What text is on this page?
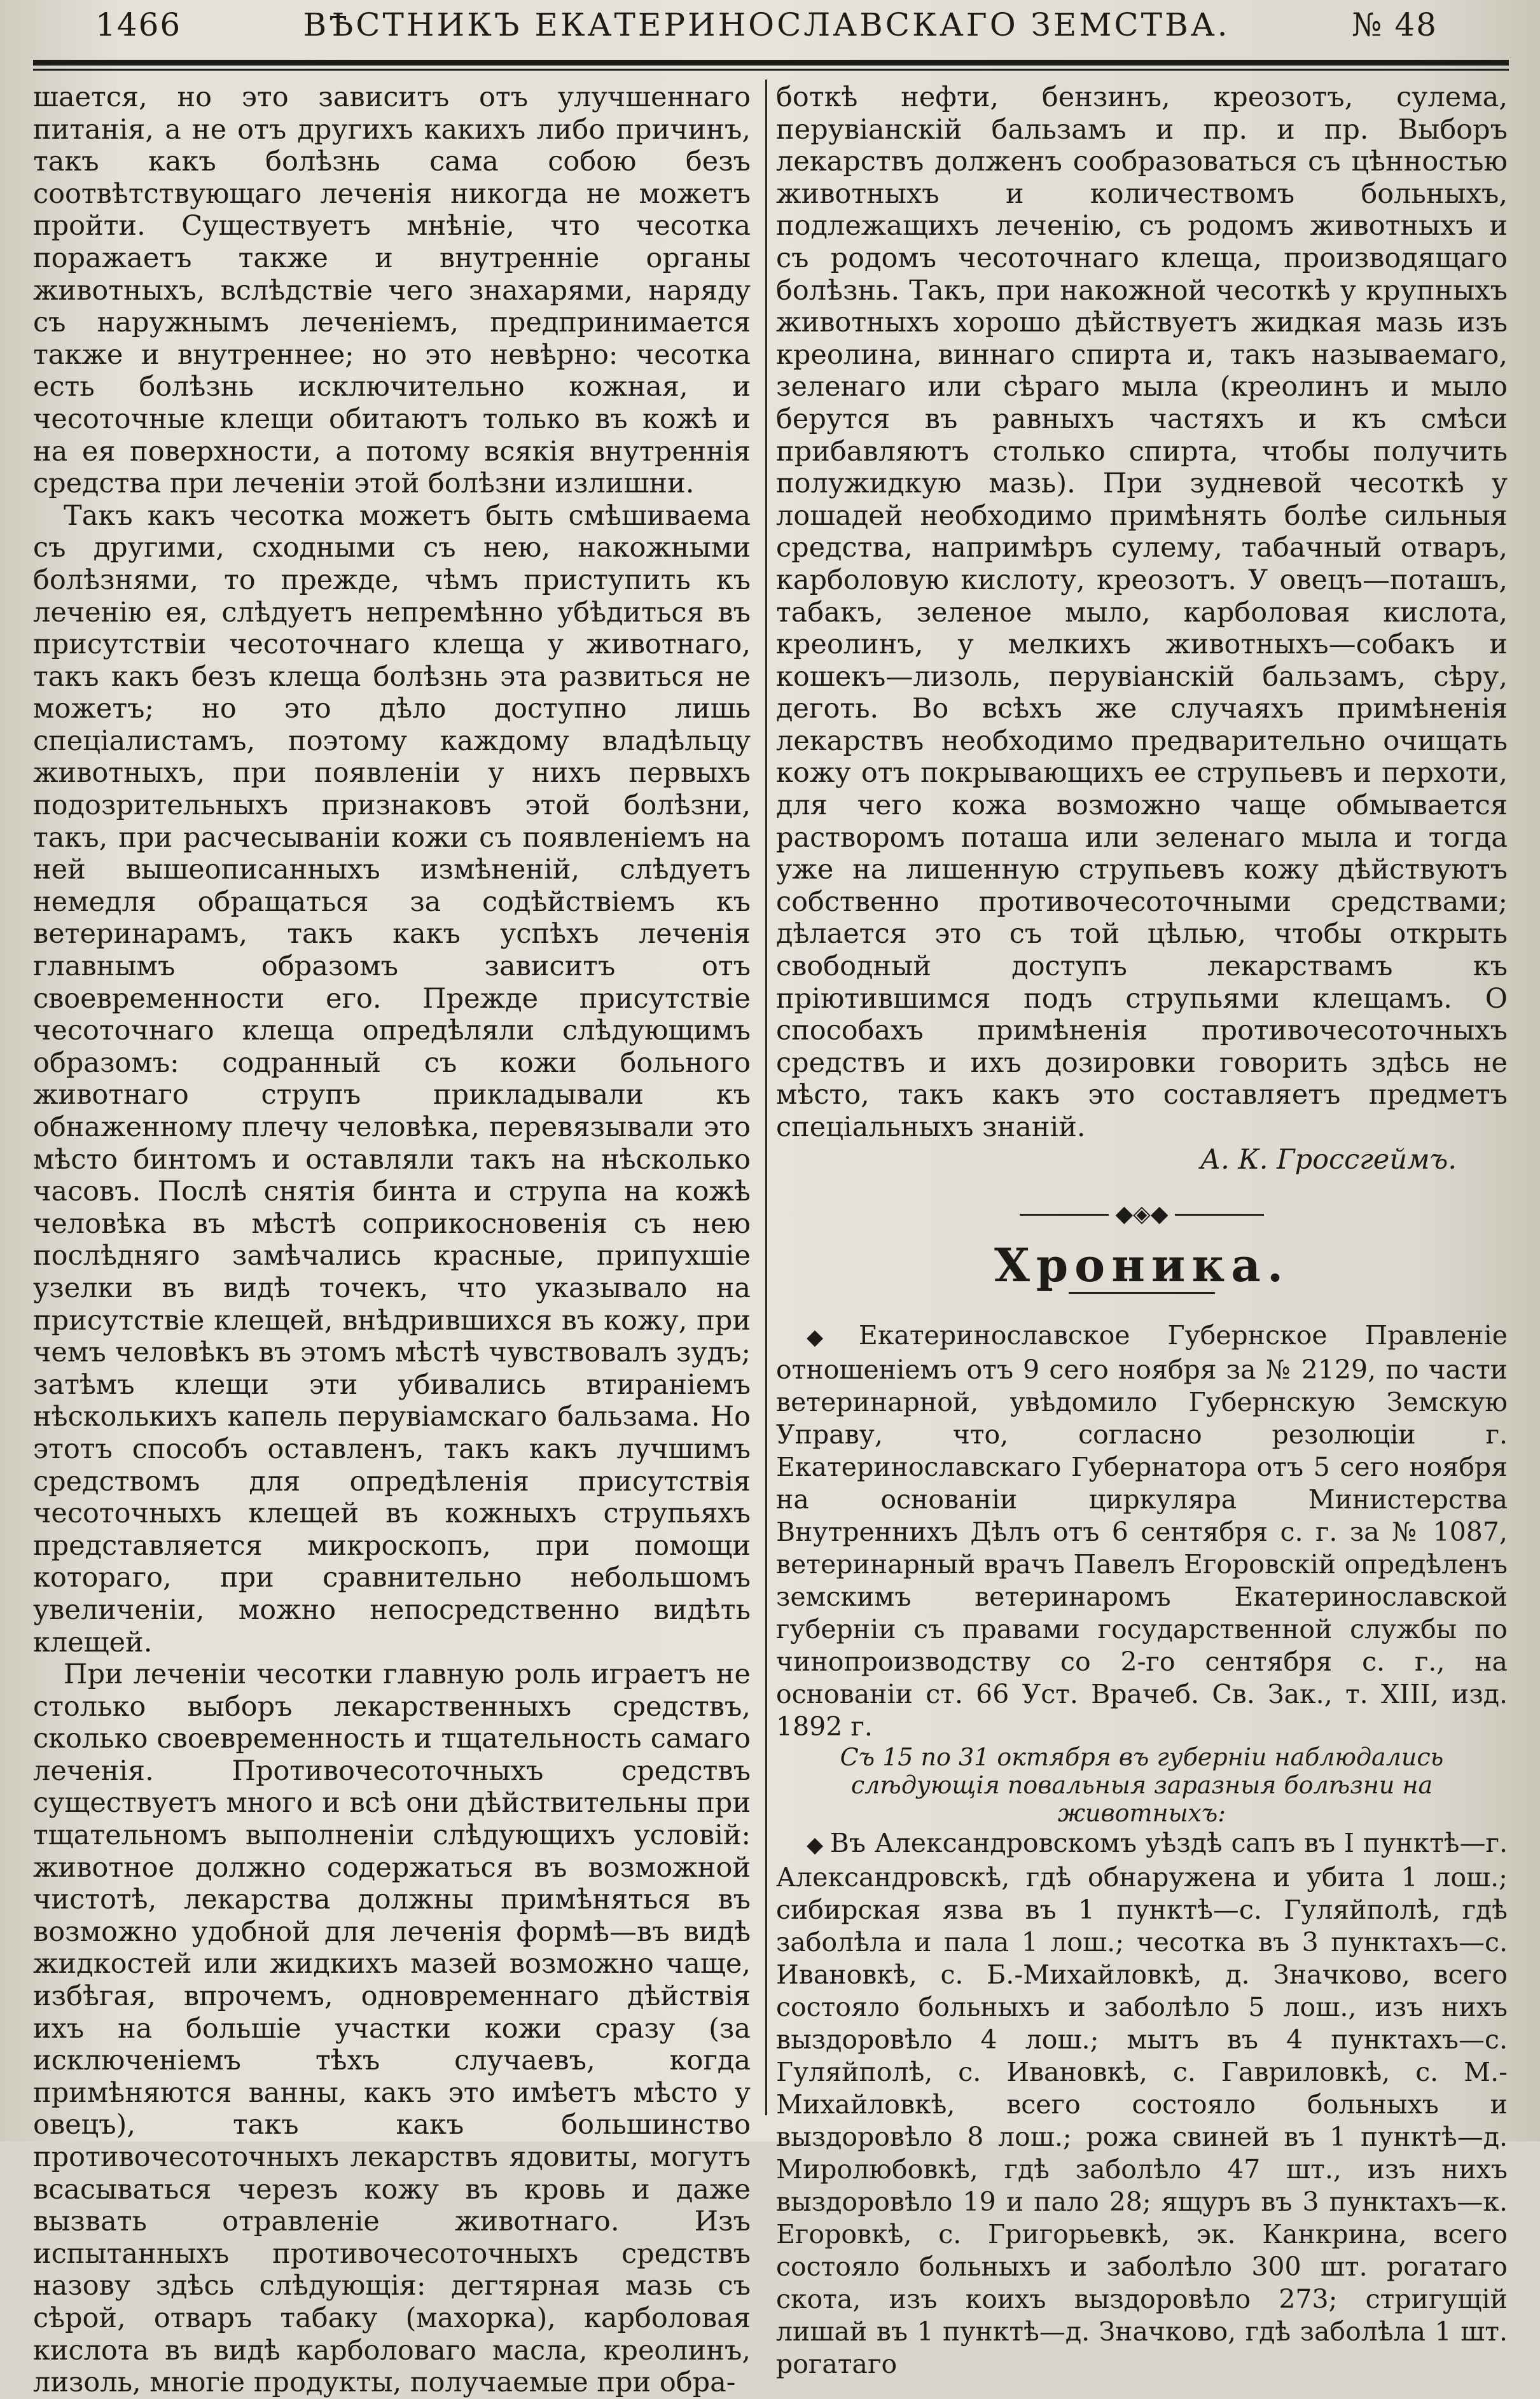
1466	ВѢСТНИКЪ ЕКАТЕРИНОСЛАВСКАГО ЗЕМСТВА.	№ 48

шается, но это зависитъ отъ улучшеннаго питанія, а не отъ другихъ какихъ либо причинъ, такъ какъ болѣзнь сама собою безъ соотвѣтствующаго леченія никогда не можетъ пройти. Существуетъ мнѣніе, что чесотка поражаетъ также и внутренніе органы животныхъ, вслѣдствіе чего знахарями, наряду съ наружнымъ леченіемъ, предпринимается также и внутреннее; но это невѣрно: чесотка есть болѣзнь исключительно кожная, и чесоточные клещи обитаютъ только въ кожѣ и на ея поверхности, а потому всякія внутреннія средства при леченіи этой болѣзни излишни.

Такъ какъ чесотка можетъ быть смѣшиваема съ другими, сходными съ нею, накожными болѣзнями, то прежде, чѣмъ приступить къ леченію ея, слѣдуетъ непремѣнно убѣдиться въ присутствіи чесоточнаго клеща у животнаго, такъ какъ безъ клеща болѣзнь эта развиться не можетъ; но это дѣло доступно лишь спеціалистамъ, поэтому каждому владѣльцу животныхъ, при появленіи у нихъ первыхъ подозрительныхъ признаковъ этой болѣзни, такъ, при расчесываніи кожи съ появленіемъ на ней вышеописанныхъ измѣненій, слѣдуетъ немедля обращаться за содѣйствіемъ къ ветеринарамъ, такъ какъ успѣхъ леченія главнымъ образомъ зависитъ отъ своевременности его. Прежде присутствіе чесоточнаго клеща опредѣляли слѣдующимъ образомъ: содранный съ кожи больного животнаго струпъ прикладывали къ обнаженному плечу человѣка, перевязывали это мѣсто бинтомъ и оставляли такъ на нѣсколько часовъ. Послѣ снятія бинта и струпа на кожѣ человѣка въ мѣстѣ соприкосновенія съ нею послѣдняго замѣчались красные, припухшіе узелки въ видѣ точекъ, что указывало на присутствіе клещей, внѣдрившихся въ кожу, при чемъ человѣкъ въ этомъ мѣстѣ чувствовалъ зудъ; затѣмъ клещи эти убивались втираніемъ нѣсколькихъ капель перувіамскаго бальзама. Но этотъ способъ оставленъ, такъ какъ лучшимъ средствомъ для опредѣленія присутствія чесоточныхъ клещей въ кожныхъ струпьяхъ представляется микроскопъ, при помощи котораго, при сравнительно небольшомъ увеличеніи, можно непосредственно видѣть клещей.

При леченіи чесотки главную роль играетъ не столько выборъ лекарственныхъ средствъ, сколько своевременность и тщательность самаго леченія. Противочесоточныхъ средствъ существуетъ много и всѣ они дѣйствительны при тщательномъ выполненіи слѣдующихъ условій: животное должно содержаться въ возможной чистотѣ, лекарства должны примѣняться въ возможно удобной для леченія формѣ—въ видѣ жидкостей или жидкихъ мазей возможно чаще, избѣгая, впрочемъ, одновременнаго дѣйствія ихъ на большіе участки кожи сразу (за исключеніемъ тѣхъ случаевъ, когда примѣняются ванны, какъ это имѣетъ мѣсто у овецъ), такъ какъ большинство противочесоточныхъ лекарствъ ядовиты, могутъ всасываться черезъ кожу въ кровь и даже вызвать отравленіе животнаго. Изъ испытанныхъ противочесоточныхъ средствъ назову здѣсь слѣдующія: дегтярная мазь съ сѣрой, отваръ табаку (махорка), карболовая кислота въ видѣ карболоваго масла, креолинъ, лизоль, многіе продукты, получаемые при обра-

боткѣ нефти, бензинъ, креозотъ, сулема, перувіанскій бальзамъ и пр. и пр. Выборъ лекарствъ долженъ сообразоваться съ цѣнностью животныхъ и количествомъ больныхъ, подлежащихъ леченію, съ родомъ животныхъ и съ родомъ чесоточнаго клеща, производящаго болѣзнь. Такъ, при накожной чесоткѣ у крупныхъ животныхъ хорошо дѣйствуетъ жидкая мазь изъ креолина, виннаго спирта и, такъ называемаго, зеленаго или сѣраго мыла (креолинъ и мыло берутся въ равныхъ частяхъ и къ смѣси прибавляютъ столько спирта, чтобы получить полужидкую мазь). При зудневой чесоткѣ у лошадей необходимо примѣнять болѣе сильныя средства, напримѣръ сулему, табачный отваръ, карболовую кислоту, креозотъ. У овецъ—поташъ, табакъ, зеленое мыло, карболовая кислота, креолинъ, у мелкихъ животныхъ—собакъ и кошекъ—лизоль, перувіанскій бальзамъ, сѣру, деготь. Во всѣхъ же случаяхъ примѣненія лекарствъ необходимо предварительно очищать кожу отъ покрывающихъ ее струпьевъ и перхоти, для чего кожа возможно чаще обмывается растворомъ поташа или зеленаго мыла и тогда уже на лишенную струпьевъ кожу дѣйствуютъ собственно противочесоточными средствами; дѣлается это съ той цѣлью, чтобы открыть свободный доступъ лекарствамъ къ пріютившимся подъ струпьями клещамъ. О способахъ примѣненія противочесоточныхъ средствъ и ихъ дозировки говорить здѣсь не мѣсто, такъ какъ это составляетъ предметъ спеціальныхъ знаній.

А. К. Гроссгеймъ.

◆◈◆
Хроника.

◆ Екатеринославское Губернское Правленіе отношеніемъ отъ 9 сего ноября за № 2129, по части ветеринарной, увѣдомило Губернскую Земскую Управу, что, согласно резолюціи г. Екатеринославскаго Губернатора отъ 5 сего ноября на основаніи циркуляра Министерства Внутреннихъ Дѣлъ отъ 6 сентября с. г. за № 1087, ветеринарный врачъ Павелъ Егоровскій опредѣленъ земскимъ ветеринаромъ Екатеринославской губерніи съ правами государственной службы по чинопроизводству со 2-го сентября с. г., на основаніи ст. 66 Уст. Врачеб. Св. Зак., т. XIII, изд. 1892 г.

Съ 15 по 31 октября въ губерніи наблюдались слѣдующія повальныя заразныя болѣзни на животныхъ:

◆ Въ Александровскомъ уѣздѣ сапъ въ I пунктѣ—г. Александровскѣ, гдѣ обнаружена и убита 1 лош.; сибирская язва въ 1 пунктѣ—с. Гуляйполѣ, гдѣ заболѣла и пала 1 лош.; чесотка въ 3 пунктахъ—с. Ивановкѣ, с. Б.-Михайловкѣ, д. Значково, всего состояло больныхъ и заболѣло 5 лош., изъ нихъ выздоровѣло 4 лош.; мытъ въ 4 пунктахъ—с. Гуляйполѣ, с. Ивановкѣ, с. Гавриловкѣ, с. М.-Михайловкѣ, всего состояло больныхъ и выздоровѣло 8 лош.; рожа свиней въ 1 пунктѣ—д. Миролюбовкѣ, гдѣ заболѣло 47 шт., изъ нихъ выздоровѣло 19 и пало 28; ящуръ въ 3 пунктахъ—к. Егоровкѣ, с. Григорьевкѣ, эк. Канкрина, всего состояло больныхъ и заболѣло 300 шт. рогатаго скота, изъ коихъ выздоровѣло 273; стригущій лишай въ 1 пунктѣ—д. Значково, гдѣ заболѣла 1 шт. рогатаго
